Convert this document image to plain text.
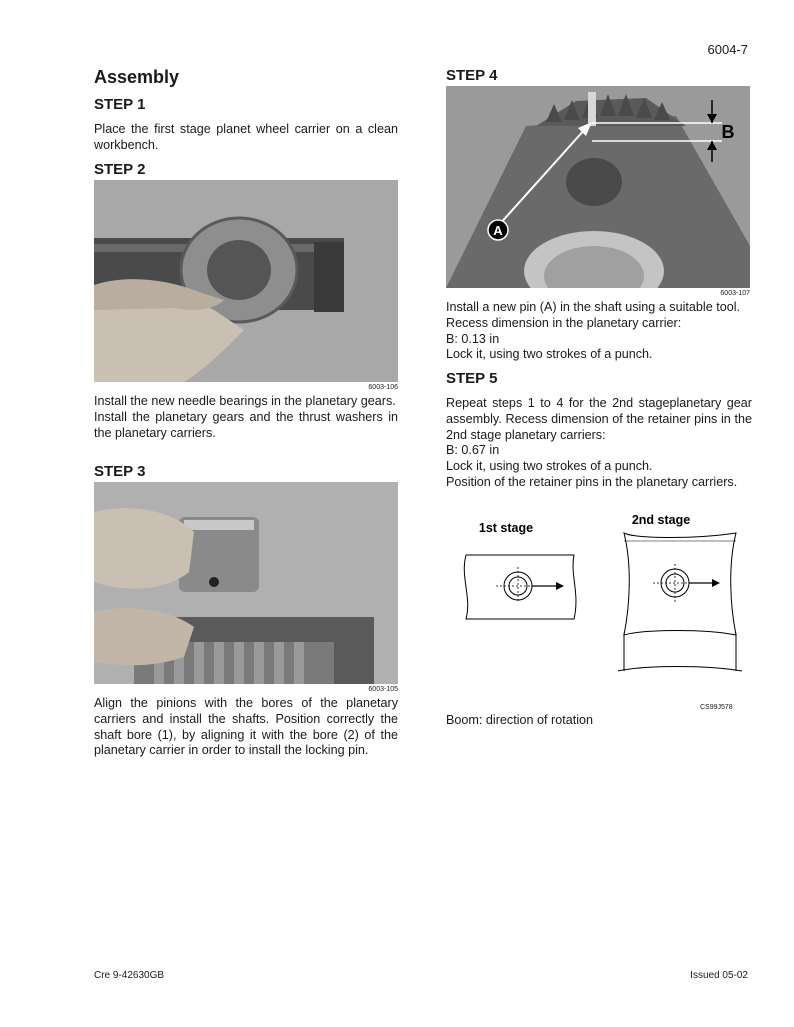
6004-7
Assembly
STEP 1

Place the first stage planet wheel carrier on a clean workbench.

STEP 2
6003-106

Install the new needle bearings in the planetary gears.
Install the planetary gears and the thrust washers in the planetary carriers.

STEP 3
6003-105

Align the pinions with the bores of the planetary carriers and install the shafts. Position correctly the shaft bore (1), by aligning it with the bore (2) of the planetary carrier in order to install the locking pin.

STEP 4
A
B
6003-107

Install a new pin (A) in the shaft using a suitable tool.
Recess dimension in the planetary carrier:
B: 0.13 in
Lock it, using two strokes of a punch.

STEP 5

Repeat steps 1 to 4 for the 2nd stageplanetary gear assembly. Recess dimension of the retainer pins in the 2nd stage planetary carriers:
B: 0.67 in
Lock it, using two strokes of a punch.
Position of the retainer pins in the planetary carriers.

1st stage
2nd stage
CS99J578
Boom: direction of rotation
Cre 9-42630GB	Issued 05-02
